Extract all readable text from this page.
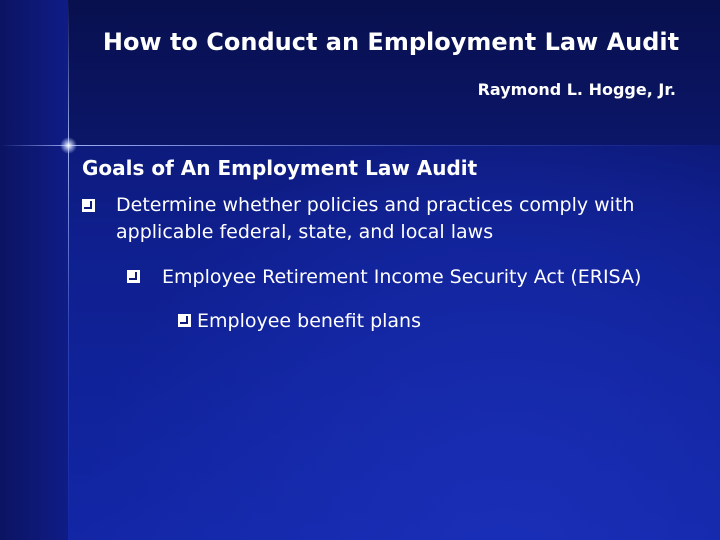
How to Conduct an Employment Law Audit

Raymond L. Hogge, Jr.

Goals of An Employment Law Audit
Determine whether policies and practices comply with applicable federal, state, and local laws
Employee Retirement Income Security Act (ERISA)
Employee benefit plans
